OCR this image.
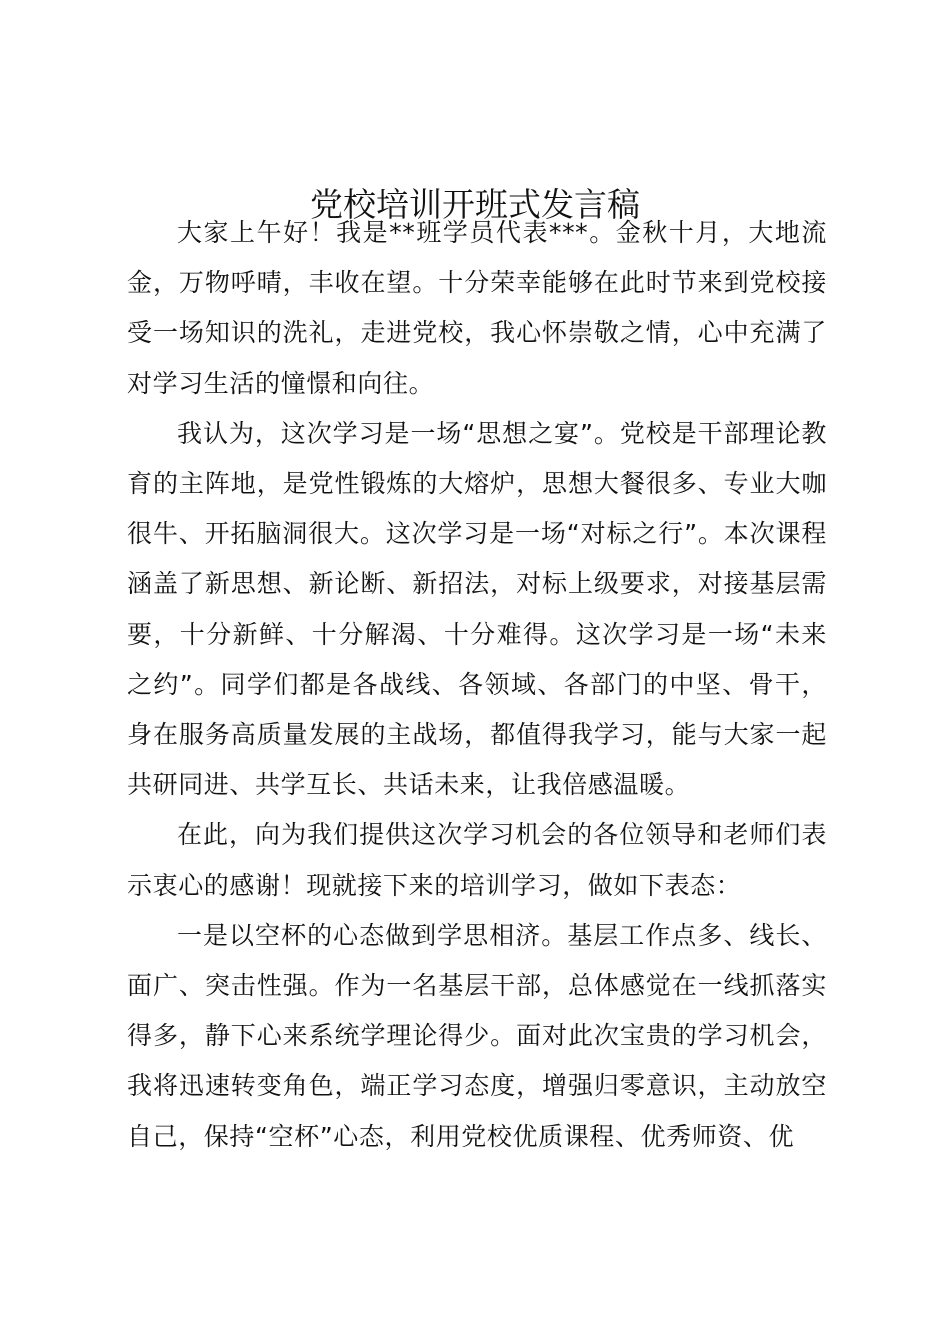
党校培训开班式发言稿

大家上午好！我是**班学员代表***。金秋十月，大地流金，万物呼晴，丰收在望。十分荣幸能够在此时节来到党校接受一场知识的洗礼，走进党校，我心怀崇敬之情，心中充满了对学习生活的憧憬和向往。

我认为，这次学习是一场“思想之宴”。党校是干部理论教育的主阵地，是党性锻炼的大熔炉，思想大餐很多、专业大咖很牛、开拓脑洞很大。这次学习是一场“对标之行”。本次课程涵盖了新思想、新论断、新招法，对标上级要求，对接基层需要，十分新鲜、十分解渴、十分难得。这次学习是一场“未来之约”。同学们都是各战线、各领域、各部门的中坚、骨干，身在服务高质量发展的主战场，都值得我学习，能与大家一起共研同进、共学互长、共话未来，让我倍感温暖。

在此，向为我们提供这次学习机会的各位领导和老师们表示衷心的感谢！现就接下来的培训学习，做如下表态：

一是以空杯的心态做到学思相济。基层工作点多、线长、面广、突击性强。作为一名基层干部，总体感觉在一线抓落实得多，静下心来系统学理论得少。面对此次宝贵的学习机会，我将迅速转变角色，端正学习态度，增强归零意识，主动放空自己，保持“空杯”心态，利用党校优质课程、优秀师资、优
